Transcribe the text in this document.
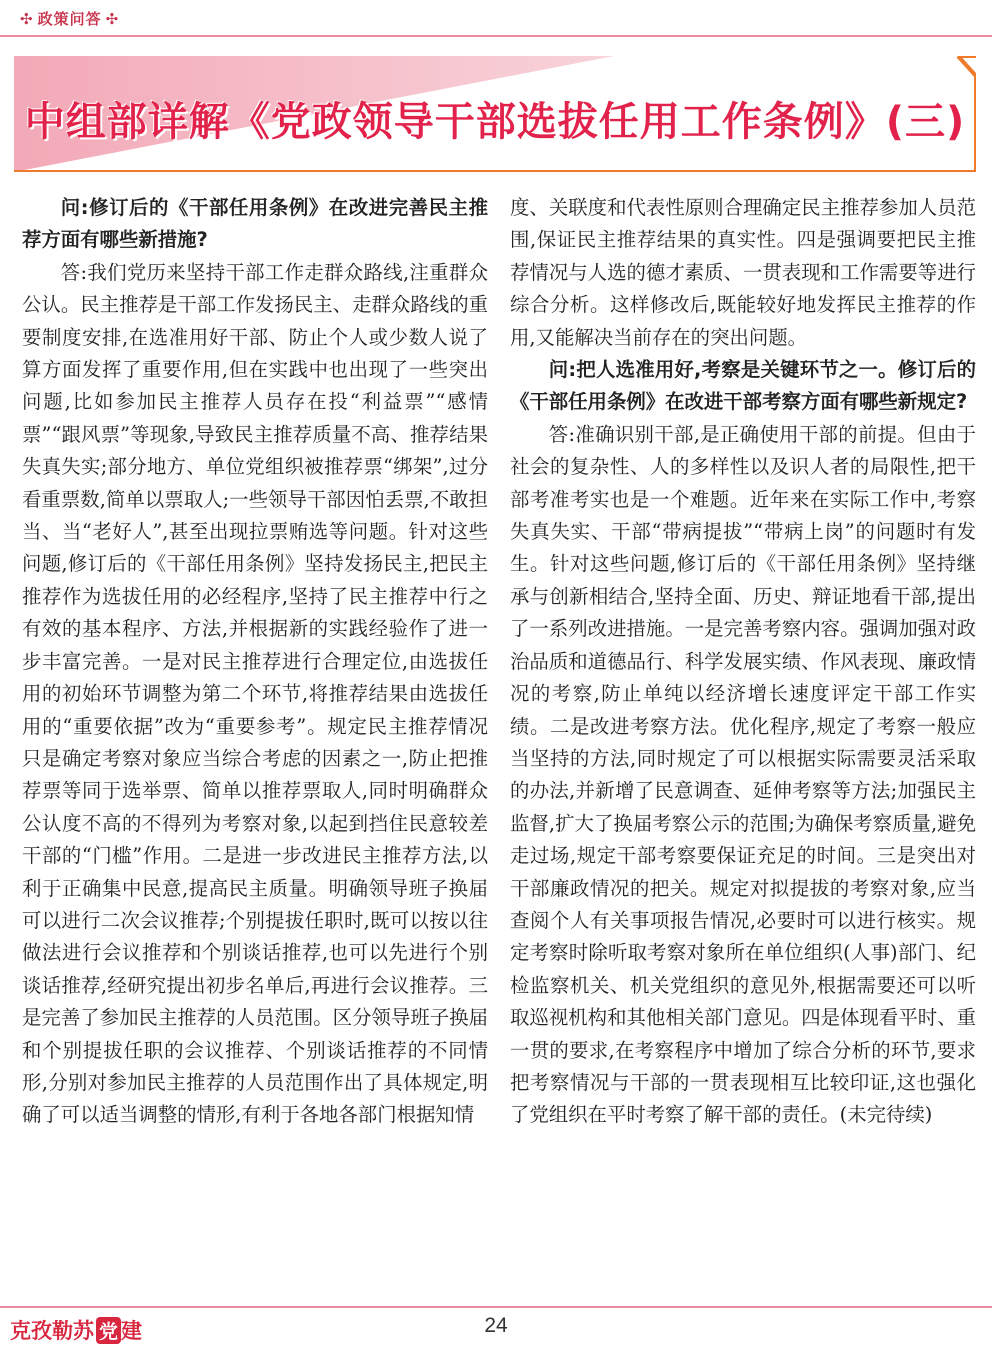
✣ 政策问答 ✣
中组部详解《党政领导干部选拔任用工作条例》(三)

问:修订后的《干部任用条例》在改进完善民主推荐方面有哪些新措施?

答:我们党历来坚持干部工作走群众路线,注重群众公认。民主推荐是干部工作发扬民主、走群众路线的重要制度安排,在选准用好干部、防止个人或少数人说了算方面发挥了重要作用,但在实践中也出现了一些突出问题,比如参加民主推荐人员存在投“利益票”“感情票”“跟风票”等现象,导致民主推荐质量不高、推荐结果失真失实;部分地方、单位党组织被推荐票“绑架”,过分看重票数,简单以票取人;一些领导干部因怕丢票,不敢担当、当“老好人”,甚至出现拉票贿选等问题。针对这些问题,修订后的《干部任用条例》坚持发扬民主,把民主推荐作为选拔任用的必经程序,坚持了民主推荐中行之有效的基本程序、方法,并根据新的实践经验作了进一步丰富完善。一是对民主推荐进行合理定位,由选拔任用的初始环节调整为第二个环节,将推荐结果由选拔任用的“重要依据”改为“重要参考”。规定民主推荐情况只是确定考察对象应当综合考虑的因素之一,防止把推荐票等同于选举票、简单以推荐票取人,同时明确群众公认度不高的不得列为考察对象,以起到挡住民意较差干部的“门槛”作用。二是进一步改进民主推荐方法,以利于正确集中民意,提高民主质量。明确领导班子换届可以进行二次会议推荐;个别提拔任职时,既可以按以往做法进行会议推荐和个别谈话推荐,也可以先进行个别谈话推荐,经研究提出初步名单后,再进行会议推荐。三是完善了参加民主推荐的人员范围。区分领导班子换届和个别提拔任职的会议推荐、个别谈话推荐的不同情形,分别对参加民主推荐的人员范围作出了具体规定,明确了可以适当调整的情形,有利于各地各部门根据知情

度、关联度和代表性原则合理确定民主推荐参加人员范围,保证民主推荐结果的真实性。四是强调要把民主推荐情况与人选的德才素质、一贯表现和工作需要等进行综合分析。这样修改后,既能较好地发挥民主推荐的作用,又能解决当前存在的突出问题。

问:把人选准用好,考察是关键环节之一。修订后的《干部任用条例》在改进干部考察方面有哪些新规定?

答:准确识别干部,是正确使用干部的前提。但由于社会的复杂性、人的多样性以及识人者的局限性,把干部考准考实也是一个难题。近年来在实际工作中,考察失真失实、干部“带病提拔”“带病上岗”的问题时有发生。针对这些问题,修订后的《干部任用条例》坚持继承与创新相结合,坚持全面、历史、辩证地看干部,提出了一系列改进措施。一是完善考察内容。强调加强对政治品质和道德品行、科学发展实绩、作风表现、廉政情况的考察,防止单纯以经济增长速度评定干部工作实绩。二是改进考察方法。优化程序,规定了考察一般应当坚持的方法,同时规定了可以根据实际需要灵活采取的办法,并新增了民意调查、延伸考察等方法;加强民主监督,扩大了换届考察公示的范围;为确保考察质量,避免走过场,规定干部考察要保证充足的时间。三是突出对干部廉政情况的把关。规定对拟提拔的考察对象,应当查阅个人有关事项报告情况,必要时可以进行核实。规定考察时除听取考察对象所在单位组织(人事)部门、纪检监察机关、机关党组织的意见外,根据需要还可以听取巡视机构和其他相关部门意见。四是体现看平时、重一贯的要求,在考察程序中增加了综合分析的环节,要求把考察情况与干部的一贯表现相互比较印证,这也强化了党组织在平时考察了解干部的责任。(未完待续)

克孜勒苏 党 建	24
